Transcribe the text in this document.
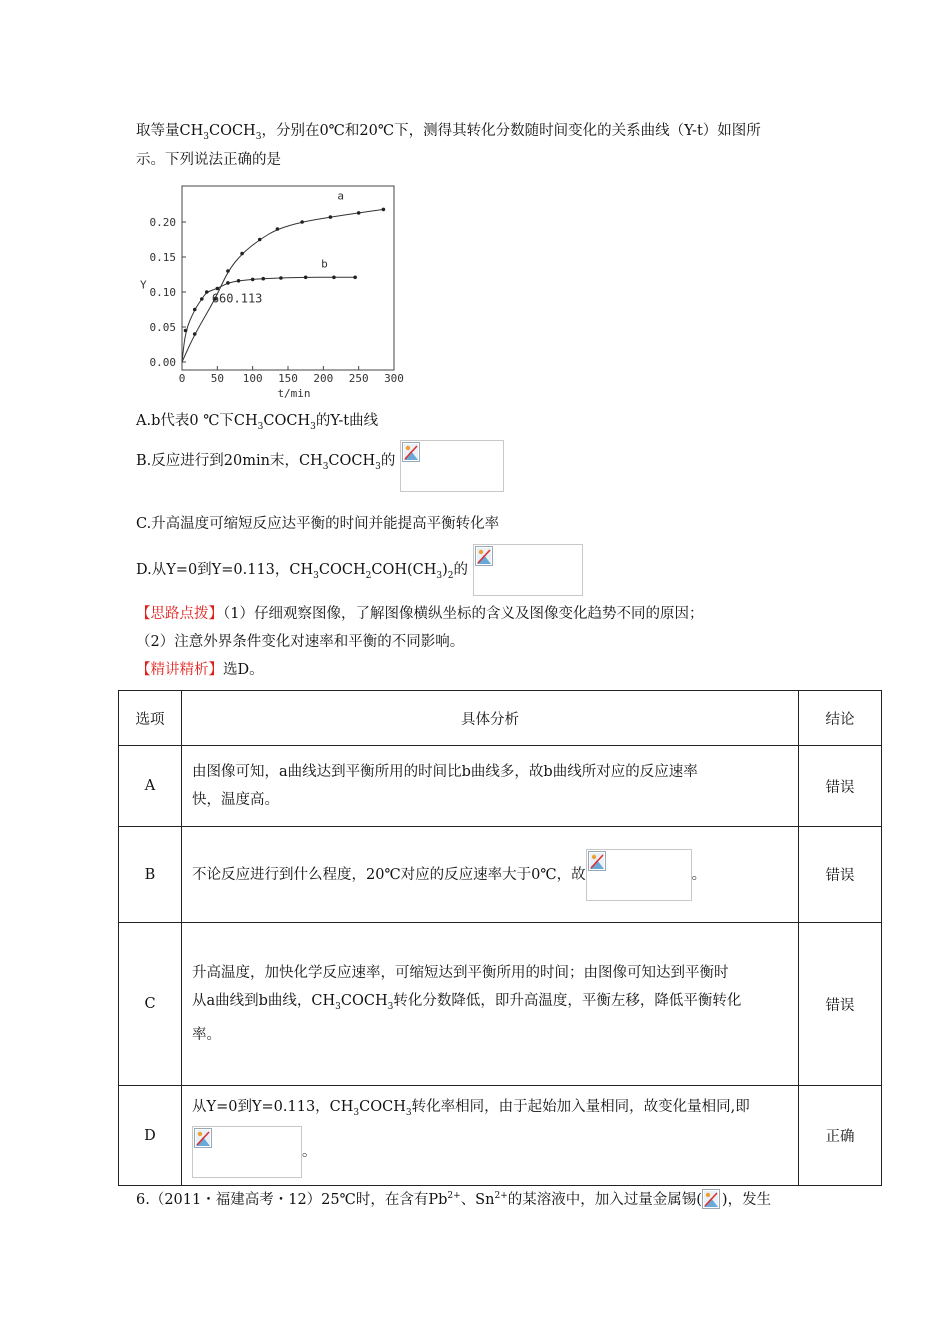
取等量$CH_3COCH_3$，分别在0℃和20℃下，测得其转化分数随时间变化的关系曲线（Y-t）如图所
示。下列说法正确的是
0.00
0.05
0.10
0.15
0.20
0 50 100 150 200 250 300
t/min
Y
a
b
660.113
A.b代表0 ℃下$CH_3COCH_3$的Y-t曲线
B.反应进行到20min末，$CH_3COCH_3$的
C.升高温度可缩短反应达平衡的时间并能提高平衡转化率
D.从Y=0到Y=0.113，$CH_3COCH_2COH(CH_3)_2$的
【思路点拨】（1）仔细观察图像，了解图像横纵坐标的含义及图像变化趋势不同的原因；
（2）注意外界条件变化对速率和平衡的不同影响。
【精讲精析】选D。
选项	具体分析	结论
A	由图像可知，a曲线达到平衡所用的时间比b曲线多，故b曲线所对应的反应速率
快，温度高。	错误
B	不论反应进行到什么程度，20℃对应的反应速率大于0℃，故 。	错误
C	升高温度，加快化学反应速率，可缩短达到平衡所用的时间；由图像可知达到平衡时
从a曲线到b曲线，$CH_3COCH_3$转化分数降低，即升高温度，平衡左移，降低平衡转化
率。	错误
D	从Y=0到Y=0.113，$CH_3COCH_3$转化率相同，由于起始加入量相同，故变化量相同,即

。	正确
6.（2011・福建高考・12）25℃时，在含有$Pb^{2+}$、$Sn^{2+}$的某溶液中，加入过量金属锡( )，发生
